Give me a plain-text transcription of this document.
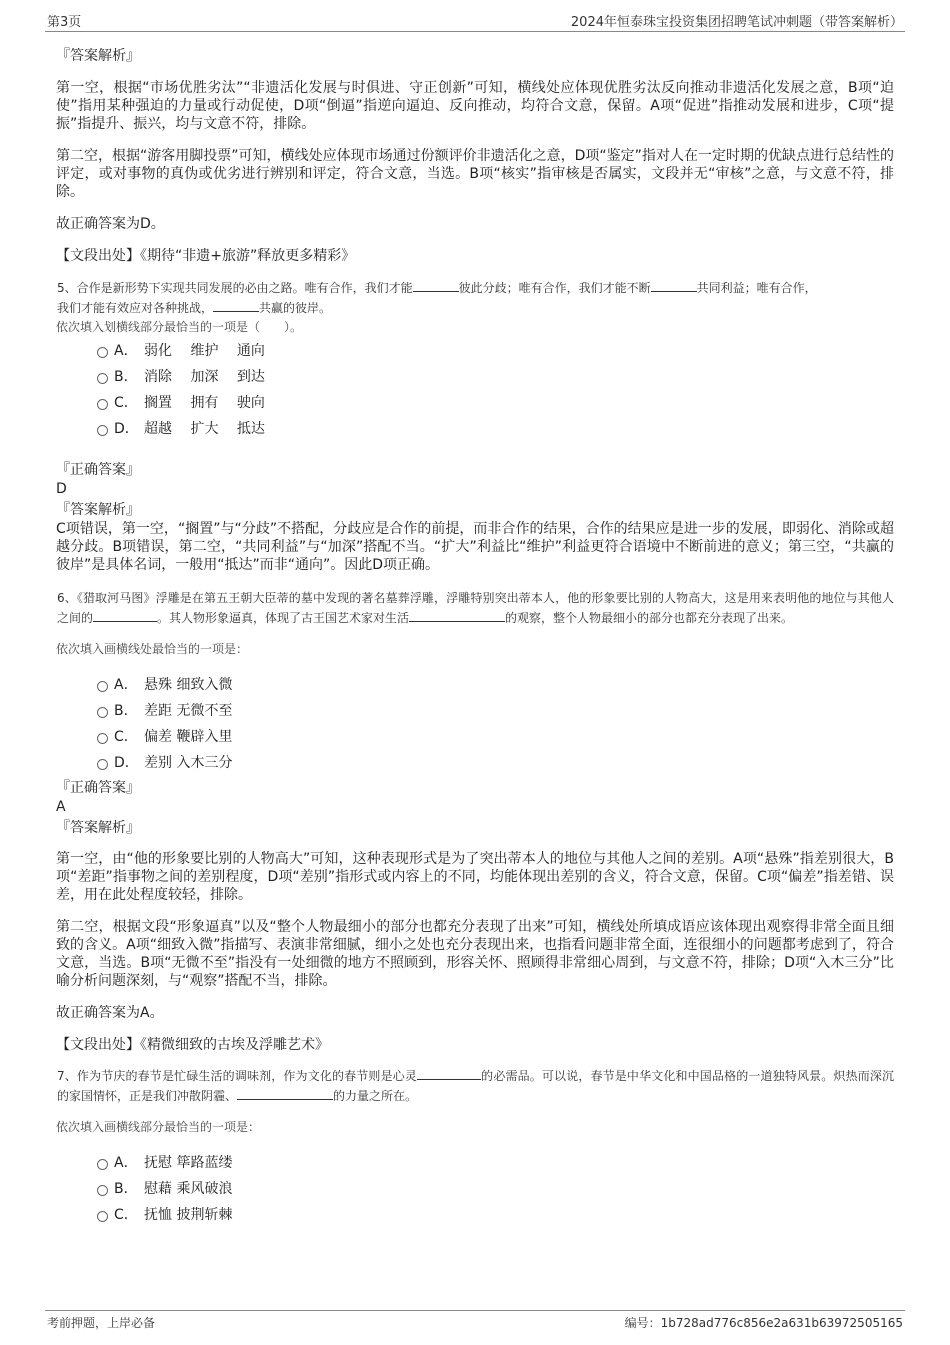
第3页	2024年恒泰珠宝投资集团招聘笔试冲刺题（带答案解析）
『答案解析』

第一空，根据“市场优胜劣汰”“非遗活化发展与时俱进、守正创新”可知，横线处应体现优胜劣汰反向推动非遗活化发展之意，B项“迫使”指用某种强迫的力量或行动促使，D项“倒逼”指逆向逼迫、反向推动，均符合文意，保留。A项“促进”指推动发展和进步，C项“提振”指提升、振兴，均与文意不符，排除。

第二空，根据“游客用脚投票”可知，横线处应体现市场通过份额评价非遗活化之意，D项“鉴定”指对人在一定时期的优缺点进行总结性的评定，或对事物的真伪或优劣进行辨别和评定，符合文意，当选。B项“核实”指审核是否属实，文段并无“审核”之意，与文意不符，排除。

故正确答案为D。

【文段出处】《期待“非遗+旅游”释放更多精彩》

5、合作是新形势下实现共同发展的必由之路。唯有合作，我们才能	彼此分歧；唯有合作，我们才能不断	共同利益；唯有合作，
我们才能有效应对各种挑战，	共赢的彼岸。
依次填入划横线部分最恰当的一项是（　　）。
A． 弱化　 维护　 通向
B． 消除　 加深　 到达
C． 搁置　 拥有　 驶向
D． 超越　 扩大　 抵达
『正确答案』
D
『答案解析』

C项错误，第一空，“搁置”与“分歧”不搭配，分歧应是合作的前提，而非合作的结果，合作的结果应是进一步的发展，即弱化、消除或超越分歧。B项错误，第二空，“共同利益”与“加深”搭配不当。“扩大”利益比“维护”利益更符合语境中不断前进的意义；第三空，“共赢的彼岸”是具体名词，一般用“抵达”而非“通向”。因此D项正确。

6、《猎取河马图》浮雕是在第五王朝大臣蒂的墓中发现的著名墓葬浮雕，浮雕特别突出蒂本人，他的形象要比别的人物高大，这是用来表明他的地位与其他人之间的	。其人物形象逼真，体现了古王国艺术家对生活	的观察，整个人物最细小的部分也都充分表现了出来。
依次填入画横线处最恰当的一项是：
A． 悬殊 细致入微
B． 差距 无微不至
C． 偏差 鞭辟入里
D． 差别 入木三分
『正确答案』
A
『答案解析』

第一空，由“他的形象要比别的人物高大”可知，这种表现形式是为了突出蒂本人的地位与其他人之间的差别。A项“悬殊”指差别很大，B项“差距”指事物之间的差别程度，D项“差别”指形式或内容上的不同，均能体现出差别的含义，符合文意，保留。C项“偏差”指差错、误差，用在此处程度较轻，排除。

第二空，根据文段“形象逼真”以及“整个人物最细小的部分也都充分表现了出来”可知，横线处所填成语应该体现出观察得非常全面且细致的含义。A项“细致入微”指描写、表演非常细腻，细小之处也充分表现出来，也指看问题非常全面，连很细小的问题都考虑到了，符合文意，当选。B项“无微不至”指没有一处细微的地方不照顾到，形容关怀、照顾得非常细心周到，与文意不符，排除；D项“入木三分”比喻分析问题深刻，与“观察”搭配不当，排除。

故正确答案为A。

【文段出处】《精微细致的古埃及浮雕艺术》

7、作为节庆的春节是忙碌生活的调味剂，作为文化的春节则是心灵	的必需品。可以说，春节是中华文化和中国品格的一道独特风景。炽热而深沉的家国情怀，正是我们冲散阴霾、	的力量之所在。
依次填入画横线部分最恰当的一项是：
A． 抚慰 筚路蓝缕
B． 慰藉 乘风破浪
C． 抚恤 披荆斩棘
考前押题，上岸必备	编号：1b728ad776c856e2a631b63972505165
